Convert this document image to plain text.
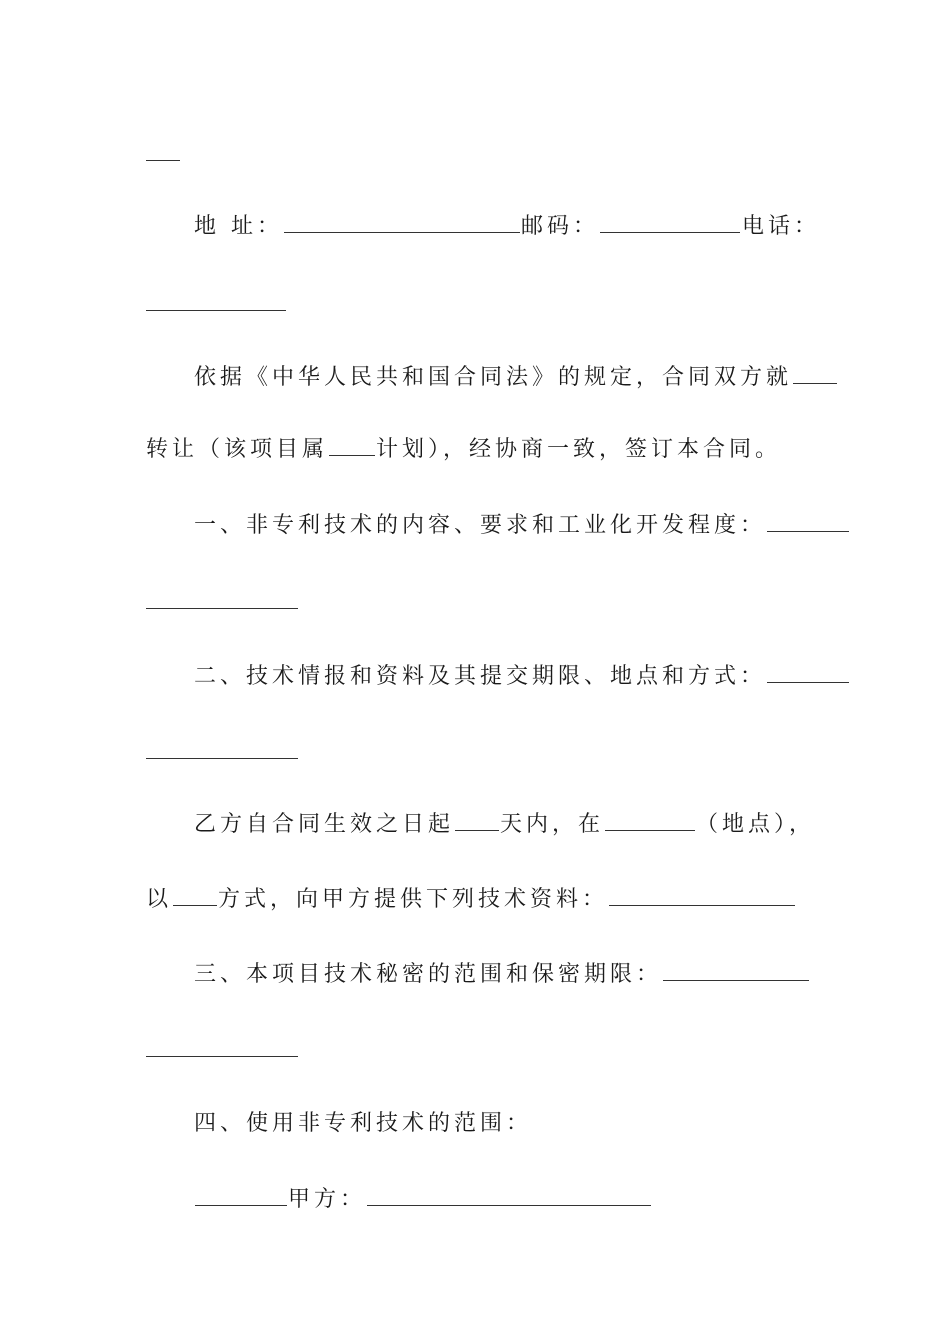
地 址：	邮码：	电话：
依据《中华人民共和国合同法》的规定，合同双方就
转让（该项目属 计划），经协商一致，签订本合同。
一、非专利技术的内容、要求和工业化开发程度：
二、技术情报和资料及其提交期限、地点和方式：
乙方自合同生效之日起 天内，在	（地点），
以 方式，向甲方提供下列技术资料：
三、本项目技术秘密的范围和保密期限：
四、使用非专利技术的范围：
甲方：
